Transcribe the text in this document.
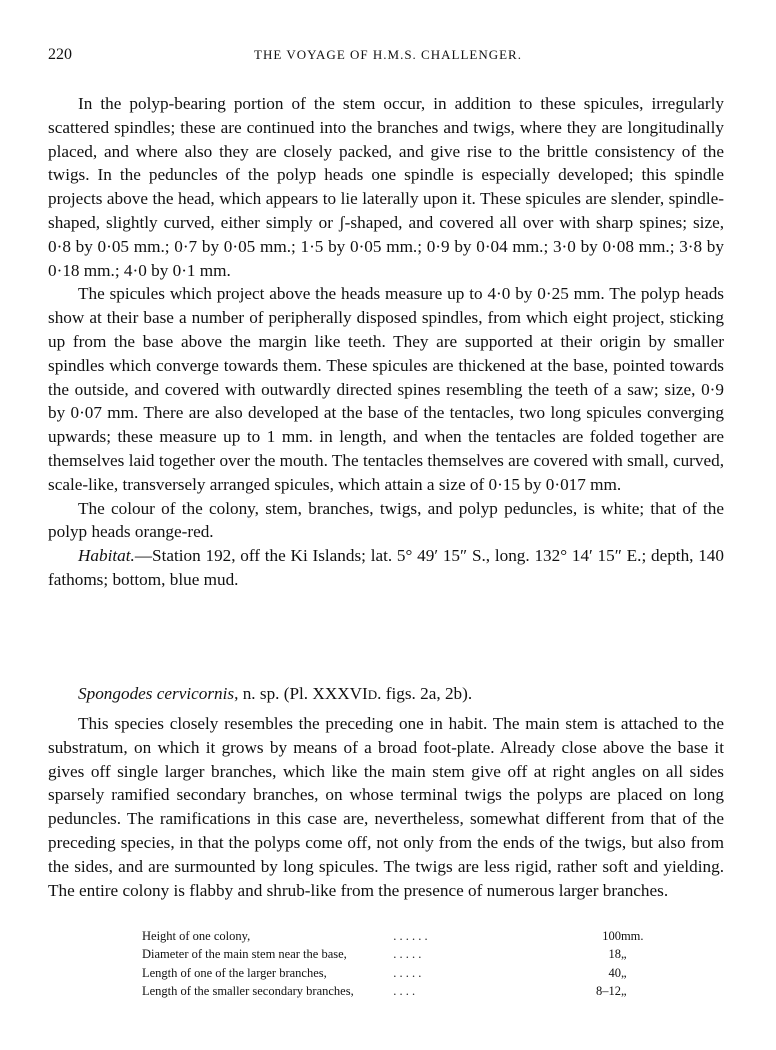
220	THE VOYAGE OF H.M.S. CHALLENGER.

In the polyp-bearing portion of the stem occur, in addition to these spicules, irregularly scattered spindles; these are continued into the branches and twigs, where they are longitudinally placed, and where also they are closely packed, and give rise to the brittle consistency of the twigs. In the peduncles of the polyp heads one spindle is especially developed; this spindle projects above the head, which appears to lie laterally upon it. These spicules are slender, spindle-shaped, slightly curved, either simply or ʃ-shaped, and covered all over with sharp spines; size, 0·8 by 0·05 mm.; 0·7 by 0·05 mm.; 1·5 by 0·05 mm.; 0·9 by 0·04 mm.; 3·0 by 0·08 mm.; 3·8 by 0·18 mm.; 4·0 by 0·1 mm.

The spicules which project above the heads measure up to 4·0 by 0·25 mm. The polyp heads show at their base a number of peripherally disposed spindles, from which eight project, sticking up from the base above the margin like teeth. They are supported at their origin by smaller spindles which converge towards them. These spicules are thickened at the base, pointed towards the outside, and covered with outwardly directed spines resembling the teeth of a saw; size, 0·9 by 0·07 mm. There are also developed at the base of the tentacles, two long spicules converging upwards; these measure up to 1 mm. in length, and when the tentacles are folded together are themselves laid together over the mouth. The tentacles themselves are covered with small, curved, scale-like, transversely arranged spicules, which attain a size of 0·15 by 0·017 mm.

The colour of the colony, stem, branches, twigs, and polyp peduncles, is white; that of the polyp heads orange-red.

Habitat.—Station 192, off the Ki Islands; lat. 5° 49′ 15″ S., long. 132° 14′ 15″ E.; depth, 140 fathoms; bottom, blue mud.

Spongodes cervicornis, n. sp. (Pl. XXXVID. figs. 2a, 2b).

This species closely resembles the preceding one in habit. The main stem is attached to the substratum, on which it grows by means of a broad foot-plate. Already close above the base it gives off single larger branches, which like the main stem give off at right angles on all sides sparsely ramified secondary branches, on whose terminal twigs the polyps are placed on long peduncles. The ramifications in this case are, nevertheless, somewhat different from that of the preceding species, in that the polyps come off, not only from the ends of the twigs, but also from the sides, and are surmounted by long spicules. The twigs are less rigid, rather soft and yielding. The entire colony is flabby and shrub-like from the presence of numerous larger branches.

Height of one colony,	. . . . . .	100	mm.
Diameter of the main stem near the base,	. . . . .	18	„
Length of one of the larger branches,	. . . . .	40	„
Length of the smaller secondary branches,	. . . .	8–12	„
